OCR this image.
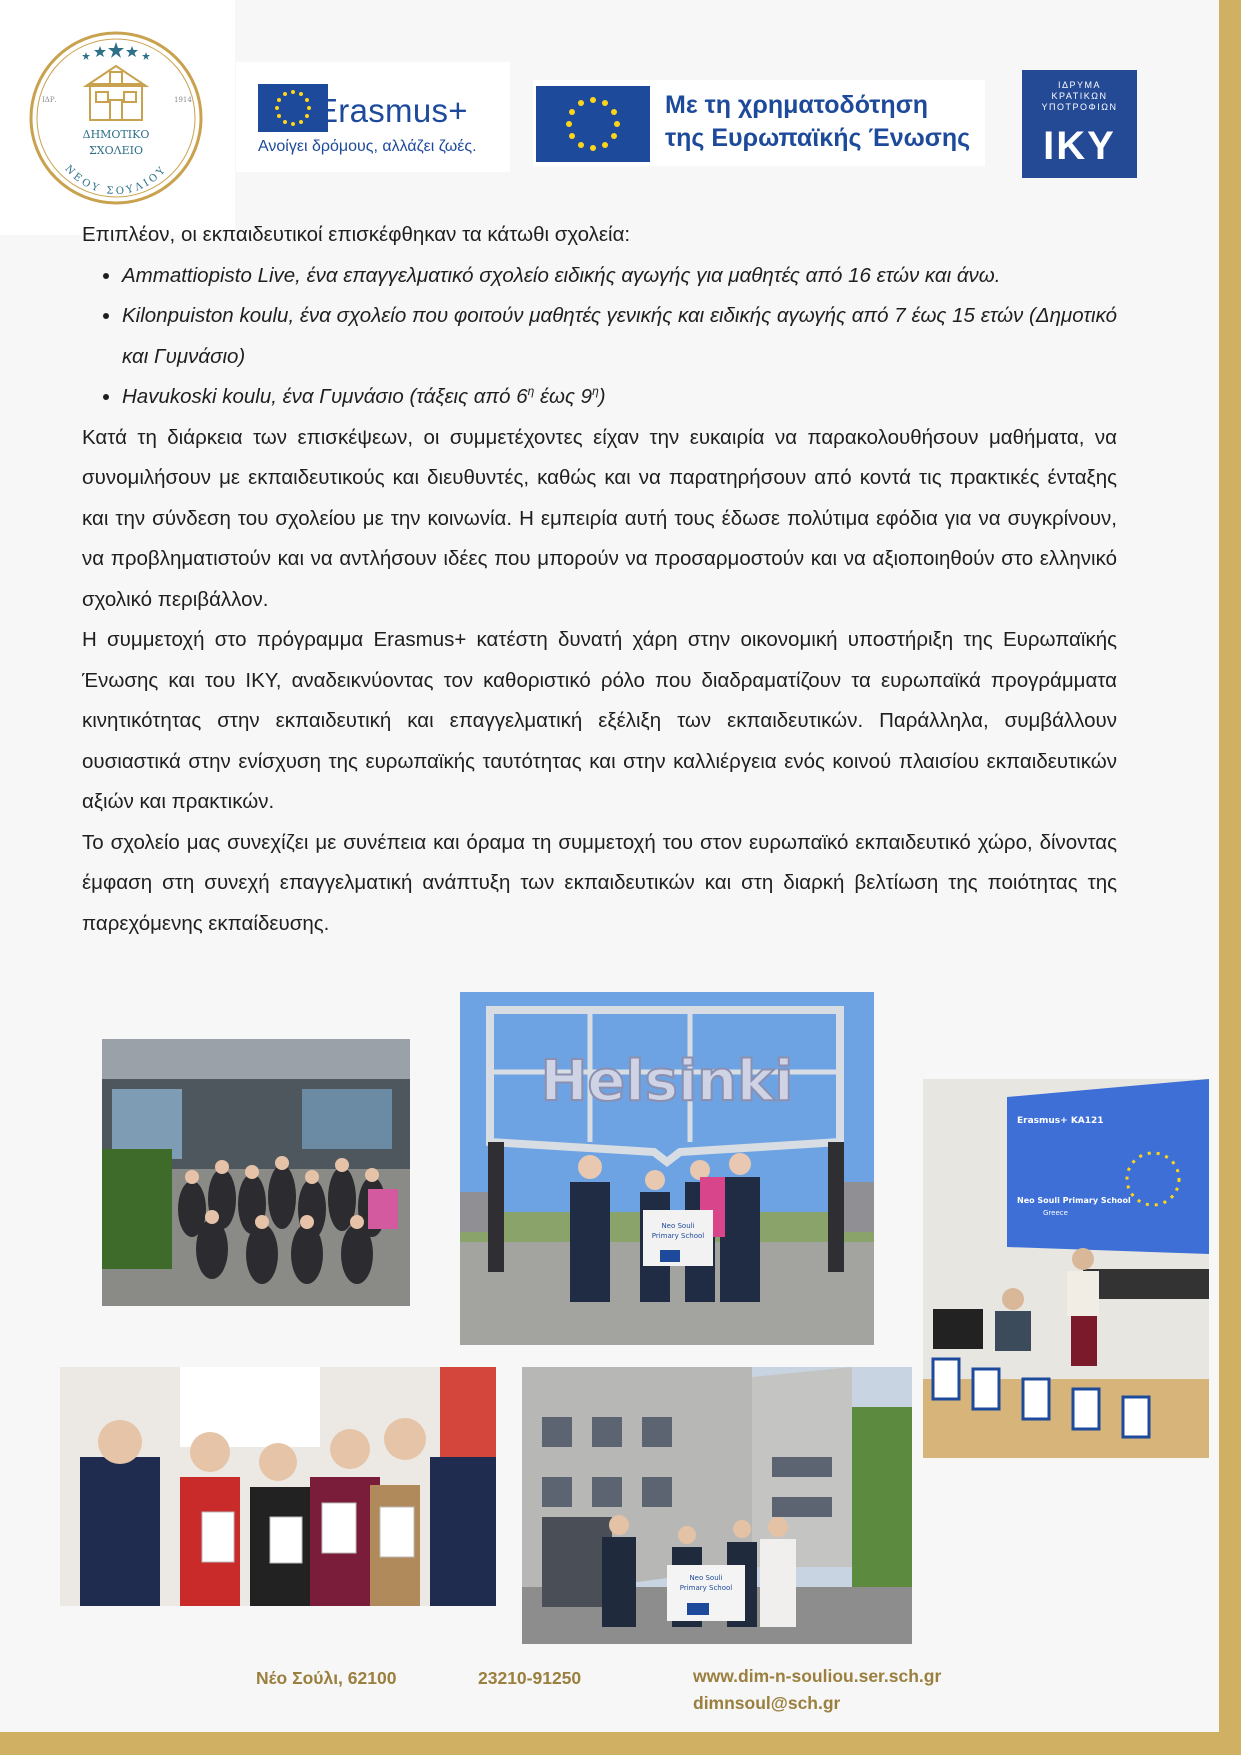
ΔΗΜΟΤΙΚΟ
ΣΧΟΛΕΙΟ
ΙΔΡ.	1914
ΝΕΟΥ ΣΟΥΛΙΟΥ
Erasmus+
Ανοίγει δρόμους, αλλάζει ζωές.
Με τη χρηματοδότηση
της Ευρωπαϊκής Ένωσης
ΙΔΡΥΜΑ
ΚΡΑΤΙΚΩΝ
ΥΠΟΤΡΟΦΙΩΝ
IKY

Επιπλέον, οι εκπαιδευτικοί επισκέφθηκαν τα κάτωθι σχολεία:

• Ammattiopisto Live, ένα επαγγελματικό σχολείο ειδικής αγωγής για μαθητές από 16 ετών και άνω.
• Kilonpuiston koulu, ένα σχολείο που φοιτούν μαθητές γενικής και ειδικής αγωγής από 7 έως 15 ετών (Δημοτικό και Γυμνάσιο)
• Havukoski koulu, ένα Γυμνάσιο (τάξεις από $6^\eta$ έως $9^\eta$)

Κατά τη διάρκεια των επισκέψεων, οι συμμετέχοντες είχαν την ευκαιρία να παρακολουθήσουν μαθήματα, να συνομιλήσουν με εκπαιδευτικούς και διευθυντές, καθώς και να παρατηρήσουν από κοντά τις πρακτικές ένταξης και την σύνδεση του σχολείου με την κοινωνία. Η εμπειρία αυτή τους έδωσε πολύτιμα εφόδια για να συγκρίνουν, να προβληματιστούν και να αντλήσουν ιδέες που μπορούν να προσαρμοστούν και να αξιοποιηθούν στο ελληνικό σχολικό περιβάλλον.

Η συμμετοχή στο πρόγραμμα Erasmus+ κατέστη δυνατή χάρη στην οικονομική υποστήριξη της Ευρωπαϊκής Ένωσης και του ΙΚΥ, αναδεικνύοντας τον καθοριστικό ρόλο που διαδραματίζουν τα ευρωπαϊκά προγράμματα κινητικότητας στην εκπαιδευτική και επαγγελματική εξέλιξη των εκπαιδευτικών. Παράλληλα, συμβάλλουν ουσιαστικά στην ενίσχυση της ευρωπαϊκής ταυτότητας και στην καλλιέργεια ενός κοινού πλαισίου εκπαιδευτικών αξιών και πρακτικών.

Το σχολείο μας συνεχίζει με συνέπεια και όραμα τη συμμετοχή του στον ευρωπαϊκό εκπαιδευτικό χώρο, δίνοντας έμφαση στη συνεχή επαγγελματική ανάπτυξη των εκπαιδευτικών και στη διαρκή βελτίωση της ποιότητας της παρεχόμενης εκπαίδευσης.

Helsinki
Neo Souli
Primary School
Erasmus+ KA121
Neo Souli Primary School
Greece
Neo Souli
Primary School
Νέο Σούλι, 62100	23210-91250	www.dim-n-souliou.ser.sch.gr
dimnsoul@sch.gr
